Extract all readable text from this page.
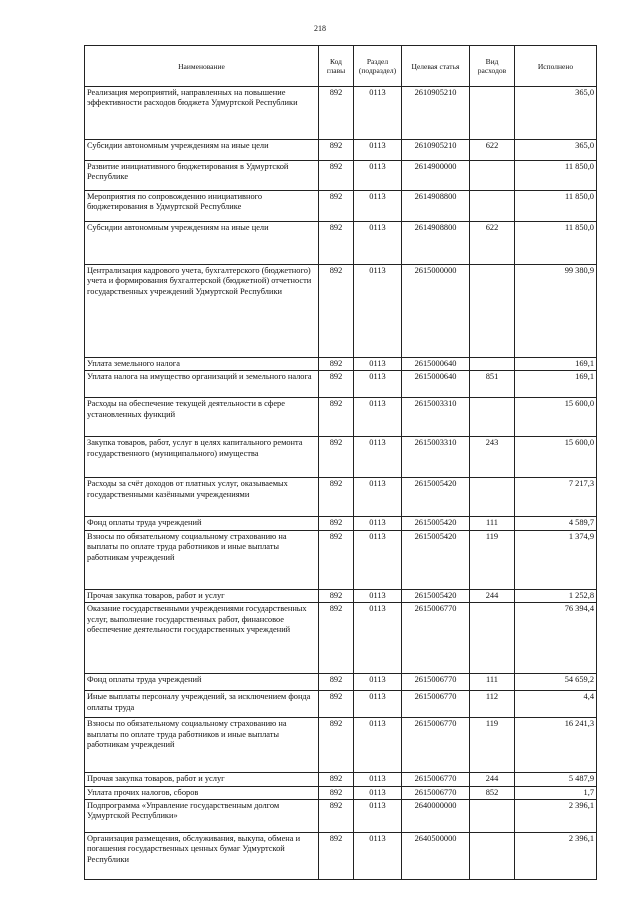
218
Наименование	Код главы	Раздел (подраздел)	Целевая статья	Вид расходов	Исполнено
Реализация мероприятий, направленных на повышение эффективности расходов бюджета Удмуртской Республики	892	0113	2610905210		365,0
Субсидии автономным учреждениям на иные цели	892	0113	2610905210	622	365,0
Развитие инициативного бюджетирования в Удмуртской Республике	892	0113	2614900000		11 850,0
Мероприятия по сопровождению инициативного бюджетирования в Удмуртской Республике	892	0113	2614908800		11 850,0
Субсидии автономным учреждениям на иные цели	892	0113	2614908800	622	11 850,0
Централизация кадрового учета, бухгалтерского (бюджетного) учета и формирования бухгалтерской (бюджетной) отчетности государственных учреждений Удмуртской Республики	892	0113	2615000000		99 380,9
Уплата земельного налога	892	0113	2615000640		169,1
Уплата налога на имущество организаций и земельного налога	892	0113	2615000640	851	169,1
Расходы на обеспечение текущей деятельности в сфере установленных функций	892	0113	2615003310		15 600,0
Закупка товаров, работ, услуг в целях капитального ремонта государственного (муниципального) имущества	892	0113	2615003310	243	15 600,0
Расходы за счёт доходов от платных услуг, оказываемых государственными казёнными учреждениями	892	0113	2615005420		7 217,3
Фонд оплаты труда учреждений	892	0113	2615005420	111	4 589,7
Взносы по обязательному социальному страхованию на выплаты по оплате труда работников и иные выплаты работникам учреждений	892	0113	2615005420	119	1 374,9
Прочая закупка товаров, работ и услуг	892	0113	2615005420	244	1 252,8
Оказание государственными учреждениями государственных услуг, выполнение государственных работ, финансовое обеспечение деятельности государственных учреждений	892	0113	2615006770		76 394,4
Фонд оплаты труда учреждений	892	0113	2615006770	111	54 659,2
Иные выплаты персоналу учреждений, за исключением фонда оплаты труда	892	0113	2615006770	112	4,4
Взносы по обязательному социальному страхованию на выплаты по оплате труда работников и иные выплаты работникам учреждений	892	0113	2615006770	119	16 241,3
Прочая закупка товаров, работ и услуг	892	0113	2615006770	244	5 487,9
Уплата прочих налогов, сборов	892	0113	2615006770	852	1,7
Подпрограмма «Управление государственным долгом Удмуртской Республики»	892	0113	2640000000		2 396,1
Организация размещения, обслуживания, выкупа, обмена и погашения государственных ценных бумаг Удмуртской Республики	892	0113	2640500000		2 396,1
